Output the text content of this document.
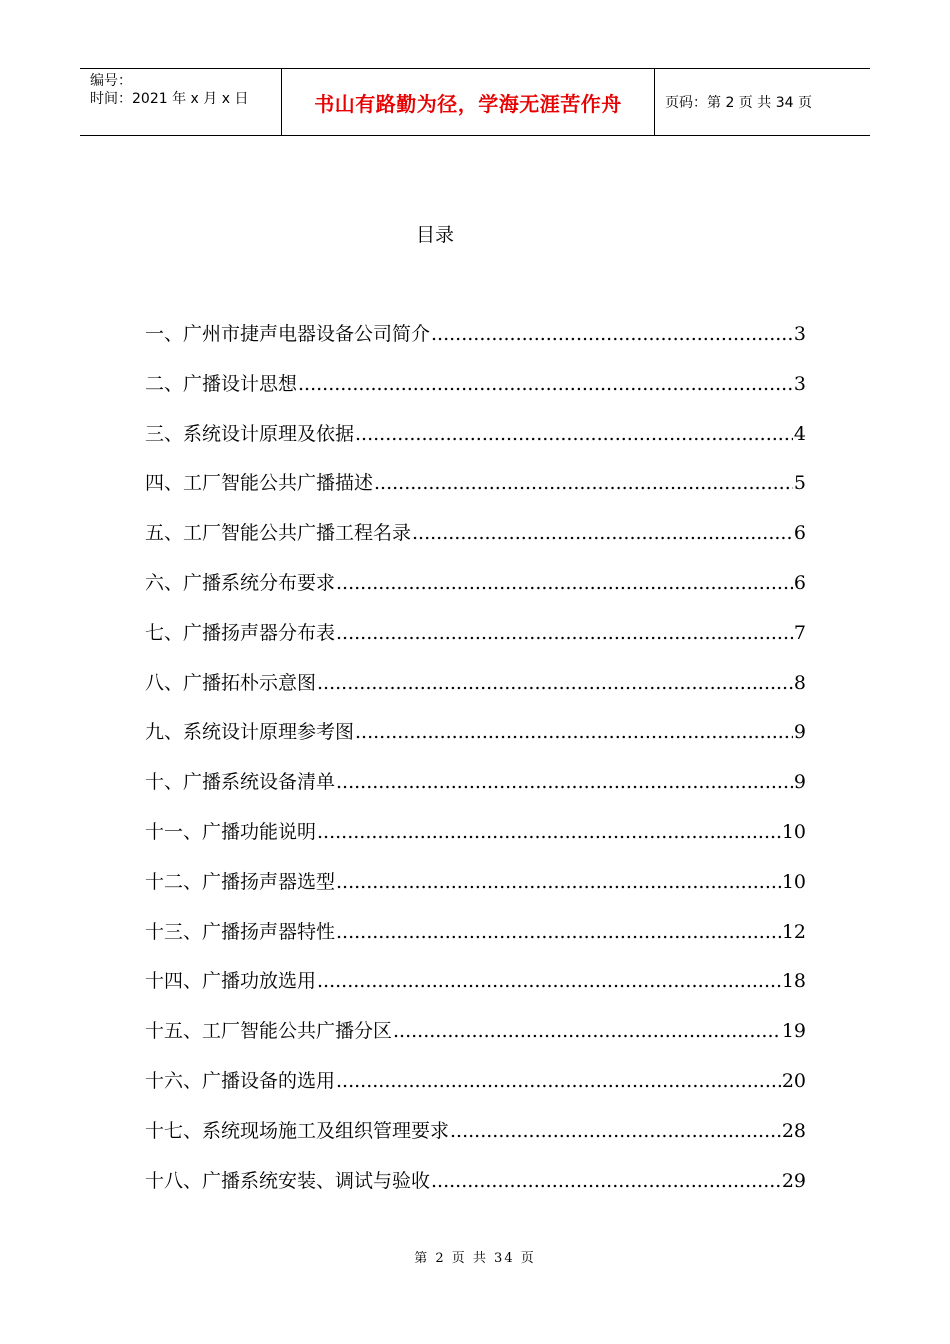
编号：
时间：2021 年 x 月 x 日	书山有路勤为径，学海无涯苦作舟	页码：第 2 页 共 34 页
目录
一、广州市捷声电器设备公司简介 .....	3
二、广播设计思想 .....	3
三、系统设计原理及依据 .....	4
四、工厂智能公共广播描述 .....	5
五、工厂智能公共广播工程名录 .....	6
六、广播系统分布要求 .....	6
七、广播扬声器分布表 .....	7
八、广播拓朴示意图 .....	8
九、系统设计原理参考图 .....	9
十、广播系统设备清单 .....	9
十一、广播功能说明 .....	10
十二、广播扬声器选型 .....	10
十三、广播扬声器特性 .....	12
十四、广播功放选用 .....	18
十五、工厂智能公共广播分区 .....	19
十六、广播设备的选用 .....	20
十七、系统现场施工及组织管理要求 .....	28
十八、广播系统安装、调试与验收 .....	29
第 2 页 共 34 页
